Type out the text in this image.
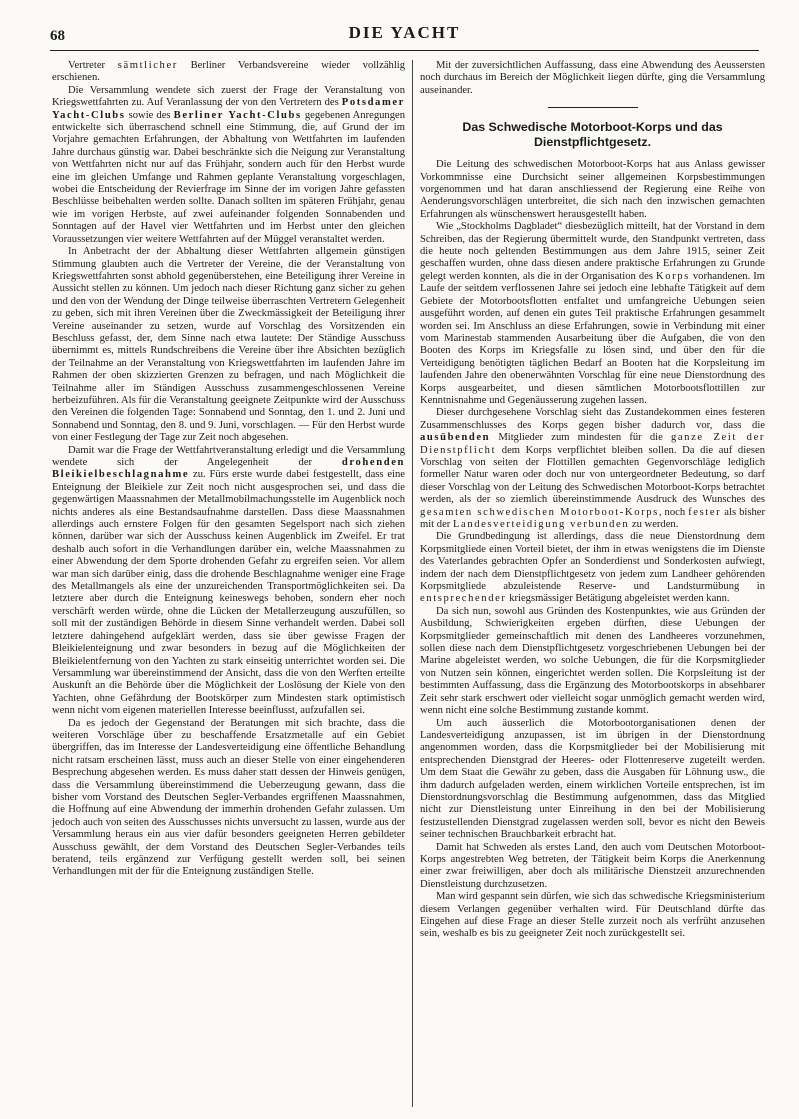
68	DIE YACHT

Vertreter sämtlicher Berliner Verbandsvereine wieder vollzählig erschienen.

Die Versammlung wendete sich zuerst der Frage der Veranstaltung von Kriegswettfahrten zu. Auf Veranlassung der von den Vertretern des Potsdamer Yacht-Clubs sowie des Berliner Yacht-Clubs gegebenen Anregungen entwickelte sich überraschend schnell eine Stimmung, die, auf Grund der im Vorjahre gemachten Erfahrungen, der Abhaltung von Wettfahrten im laufenden Jahre durchaus günstig war. Dabei beschränkte sich die Neigung zur Veranstaltung von Wettfahrten nicht nur auf das Frühjahr, sondern auch für den Herbst wurde eine im gleichen Umfange und Rahmen geplante Veranstaltung vorgeschlagen, wobei die Entscheidung der Revierfrage im Sinne der im vorigen Jahre gefassten Beschlüsse beibehalten werden sollte. Danach sollten im späteren Frühjahr, genau wie im vorigen Herbste, auf zwei aufeinander folgenden Sonnabenden und Sonntagen auf der Havel vier Wettfahrten und im Herbst unter den gleichen Voraussetzungen vier weitere Wettfahrten auf der Müggel veranstaltet werden.

In Anbetracht der der Abhaltung dieser Wettfahrten allgemein günstigen Stimmung glaubten auch die Vertreter der Vereine, die der Veranstaltung von Kriegswettfahrten sonst abhold gegenüberstehen, eine Beteiligung ihrer Vereine in Aussicht stellen zu können. Um jedoch nach dieser Richtung ganz sicher zu gehen und den von der Wendung der Dinge teilweise überraschten Vertretern Gelegenheit zu geben, sich mit ihren Vereinen über die Zweckmässigkeit der Beteiligung ihrer Vereine auseinander zu setzen, wurde auf Vorschlag des Vorsitzenden ein Beschluss gefasst, der, dem Sinne nach etwa lautete: Der Ständige Ausschuss übernimmt es, mittels Rundschreibens die Vereine über ihre Absichten bezüglich der Teilnahme an der Veranstaltung von Kriegswettfahrten im laufenden Jahre im Rahmen der oben skizzierten Grenzen zu befragen, und nach Möglichkeit die Teilnahme aller im Ständigen Ausschuss zusammengeschlossenen Vereine herbeizuführen. Als für die Veranstaltung geeignete Zeitpunkte wird der Ausschuss den Vereinen die folgenden Tage: Sonnabend und Sonntag, den 1. und 2. Juni und Sonnabend und Sonntag, den 8. und 9. Juni, vorschlagen. — Für den Herbst wurde von einer Festlegung der Tage zur Zeit noch abgesehen.

Damit war die Frage der Wettfahrtveranstaltung erledigt und die Versammlung wendete sich der Angelegenheit der drohenden Bleikielbeschlagnahme zu. Fürs erste wurde dabei festgestellt, dass eine Enteignung der Bleikiele zur Zeit noch nicht ausgesprochen sei, und dass die gegenwärtigen Maassnahmen der Metallmobilmachungsstelle im Augenblick noch nichts anderes als eine Bestandsaufnahme darstellen. Dass diese Maassnahmen allerdings auch ernstere Folgen für den gesamten Segelsport nach sich ziehen können, darüber war sich der Ausschuss keinen Augenblick im Zweifel. Er trat deshalb auch sofort in die Verhandlungen darüber ein, welche Maassnahmen zu einer Abwendung der dem Sporte drohenden Gefahr zu ergreifen seien. Vor allem war man sich darüber einig, dass die drohende Beschlagnahme weniger eine Frage des Metallmangels als eine der unzureichenden Transportmöglichkeiten sei. Da letztere aber durch die Enteignung keineswegs behoben, sondern eher noch verschärft werden würde, ohne die Lücken der Metallerzeugung auszufüllen, so soll mit der zuständigen Behörde in diesem Sinne verhandelt werden. Dabei soll letztere dahingehend aufgeklärt werden, dass sie über gewisse Fragen der Bleikielenteignung und zwar besonders in bezug auf die Möglichkeiten der Bleikielentfernung von den Yachten zu stark einseitig unterrichtet worden sei. Die Versammlung war übereinstimmend der Ansicht, dass die von den Werften erteilte Auskunft an die Behörde über die Möglichkeit der Loslösung der Kiele von den Yachten, ohne Gefährdung der Bootskörper zum Mindesten stark optimistisch wenn nicht vom eigenen materiellen Interesse beeinflusst, aufzufallen sei.

Da es jedoch der Gegenstand der Beratungen mit sich brachte, dass die weiteren Vorschläge über zu beschaffende Ersatzmetalle auf ein Gebiet übergriffen, das im Interesse der Landesverteidigung eine öffentliche Behandlung nicht ratsam erscheinen lässt, muss auch an dieser Stelle von einer eingehenderen Besprechung abgesehen werden. Es muss daher statt dessen der Hinweis genügen, dass die Versammlung übereinstimmend die Ueberzeugung gewann, dass die bisher vom Vorstand des Deutschen Segler-Verbandes ergriffenen Maassnahmen, die Hoffnung auf eine Abwendung der immerhin drohenden Gefahr zulassen. Um jedoch auch von seiten des Ausschusses nichts unversucht zu lassen, wurde aus der Versammlung heraus ein aus vier dafür besonders geeigneten Herren gebildeter Ausschuss gewählt, der dem Vorstand des Deutschen Segler-Verbandes teils beratend, teils ergänzend zur Verfügung gestellt werden soll, bei seinen Verhandlungen mit der für die Enteignung zuständigen Stelle.

Mit der zuversichtlichen Auffassung, dass eine Abwendung des Aeussersten noch durchaus im Bereich der Möglichkeit liegen dürfte, ging die Versammlung auseinander.

Das Schwedische Motorboot-Korps und das Dienstpflichtgesetz.

Die Leitung des schwedischen Motorboot-Korps hat aus Anlass gewisser Vorkommnisse eine Durchsicht seiner allgemeinen Korpsbestimmungen vorgenommen und hat daran anschliessend der Regierung eine Reihe von Aenderungsvorschlägen unterbreitet, die sich nach den inzwischen gemachten Erfahrungen als wünschenswert herausgestellt haben.

Wie „Stockholms Dagbladet“ diesbezüglich mitteilt, hat der Vorstand in dem Schreiben, das der Regierung übermittelt wurde, den Standpunkt vertreten, dass die heute noch geltenden Bestimmungen aus dem Jahre 1915, seiner Zeit geschaffen wurden, ohne dass diesen andere praktische Erfahrungen zu Grunde gelegt werden konnten, als die in der Organisation des Korps vorhandenen. Im Laufe der seitdem verflossenen Jahre sei jedoch eine lebhafte Tätigkeit auf dem Gebiete der Motorbootsflotten entfaltet und umfangreiche Uebungen seien ausgeführt worden, auf denen ein gutes Teil praktische Erfahrungen gesammelt worden sei. Im Anschluss an diese Erfahrungen, sowie in Verbindung mit einer vom Marinestab stammenden Ausarbeitung über die Aufgaben, die von den Booten des Korps im Kriegsfalle zu lösen sind, und über den für die Verteidigung benötigten täglichen Bedarf an Booten hat die Korpsleitung im laufenden Jahre den obenerwähnten Vorschlag für eine neue Dienstordnung des Korps ausgearbeitet, und diesen sämtlichen Motorbootsflottillen zur Kenntnisnahme und Gegenäusserung zugehen lassen.

Dieser durchgesehene Vorschlag sieht das Zustandekommen eines festeren Zusammenschlusses des Korps gegen bisher dadurch vor, dass die ausübenden Mitglieder zum mindesten für die ganze Zeit der Dienstpflicht dem Korps verpflichtet bleiben sollen. Da die auf diesen Vorschlag von seiten der Flottillen gemachten Gegenvorschläge lediglich formeller Natur waren oder doch nur von untergeordneter Bedeutung, so darf dieser Vorschlag von der Leitung des Schwedischen Motorboot-Korps betrachtet werden, als der so ziemlich übereinstimmende Ausdruck des Wunsches des gesamten schwedischen Motorboot-Korps, noch fester als bisher mit der Landesverteidigung verbunden zu werden.

Die Grundbedingung ist allerdings, dass die neue Dienstordnung dem Korpsmitgliede einen Vorteil bietet, der ihm in etwas wenigstens die im Dienste des Vaterlandes gebrachten Opfer an Sonderdienst und Sonderkosten aufwiegt, indem der nach dem Dienstpflichtgesetz von jedem zum Landheer gehörenden Korpsmitgliede abzuleistende Reserve- und Landsturmübung in entsprechender kriegsmässiger Betätigung abgeleistet werden kann.

Da sich nun, sowohl aus Gründen des Kostenpunktes, wie aus Gründen der Ausbildung, Schwierigkeiten ergeben dürften, diese Uebungen der Korpsmitglieder gemeinschaftlich mit denen des Landheeres vorzunehmen, sollen diese nach dem Dienstpflichtgesetz vorgeschriebenen Uebungen bei der Marine abgeleistet werden, wo solche Uebungen, die für die Korpsmitglieder von Nutzen sein können, eingerichtet werden sollen. Die Korpsleitung ist der bestimmten Auffassung, dass die Ergänzung des Motorbootskorps in absehbarer Zeit sehr stark erschwert oder vielleicht sogar unmöglich gemacht werden wird, wenn nicht eine solche Bestimmung zustande kommt.

Um auch äusserlich die Motorbootorganisationen denen der Landesverteidigung anzupassen, ist im übrigen in der Dienstordnung angenommen worden, dass die Korpsmitglieder bei der Mobilisierung mit entsprechenden Dienstgrad der Heeres- oder Flottenreserve zugeteilt werden. Um dem Staat die Gewähr zu geben, dass die Ausgaben für Löhnung usw., die ihm dadurch aufgeladen werden, einem wirklichen Vorteile entsprechen, ist im Dienstordnungsvorschlag die Bestimmung aufgenommen, dass das Mitglied nicht zur Dienstleistung unter Einreihung in den bei der Mobilisierung festzustellenden Dienstgrad zugelassen werden soll, bevor es nicht den Beweis seiner technischen Brauchbarkeit erbracht hat.

Damit hat Schweden als erstes Land, den auch vom Deutschen Motorboot-Korps angestrebten Weg betreten, der Tätigkeit beim Korps die Anerkennung einer zwar freiwilligen, aber doch als militärische Dienstzeit anzurechnenden Dienstleistung durchzusetzen.

Man wird gespannt sein dürfen, wie sich das schwedische Kriegsministerium diesem Verlangen gegenüber verhalten wird. Für Deutschland dürfte das Eingehen auf diese Frage an dieser Stelle zurzeit noch als verfrüht anzusehen sein, weshalb es bis zu geeigneter Zeit noch zurückgestellt sei.
